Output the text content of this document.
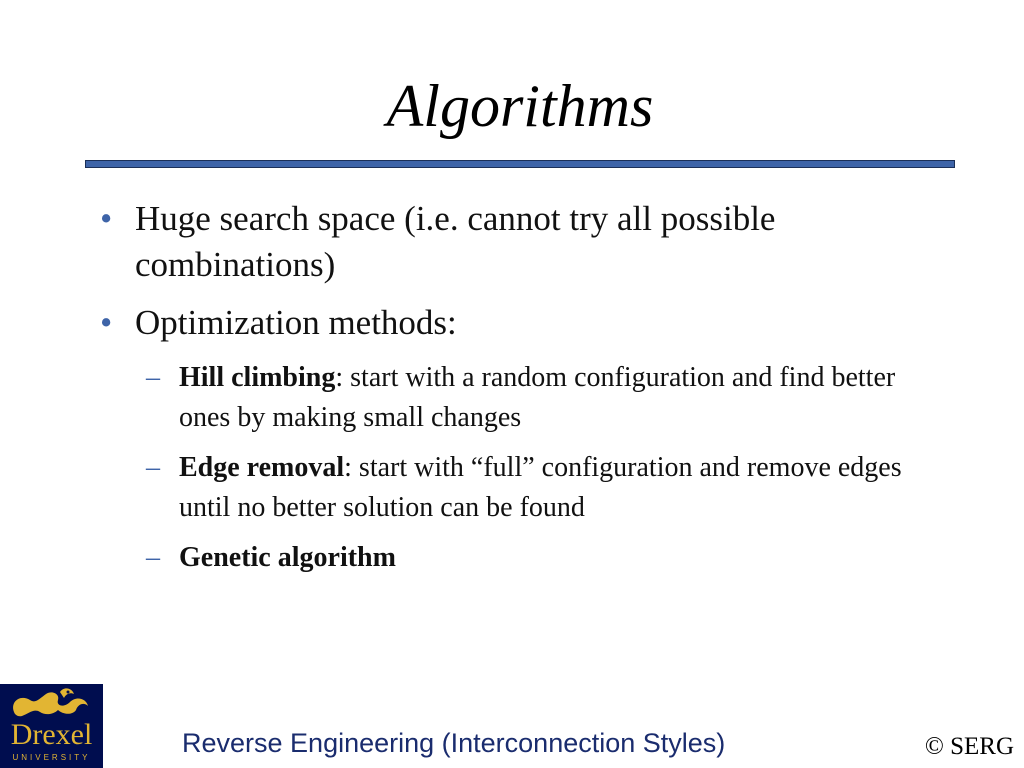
Algorithms
• Huge search space (i.e. cannot try all possible combinations)
• Optimization methods:
– Hill climbing: start with a random configuration and find better ones by making small changes
– Edge removal: start with “full” configuration and remove edges until no better solution can be found
– Genetic algorithm
Drexel
UNIVERSITY	Reverse Engineering (Interconnection Styles)	© SERG
